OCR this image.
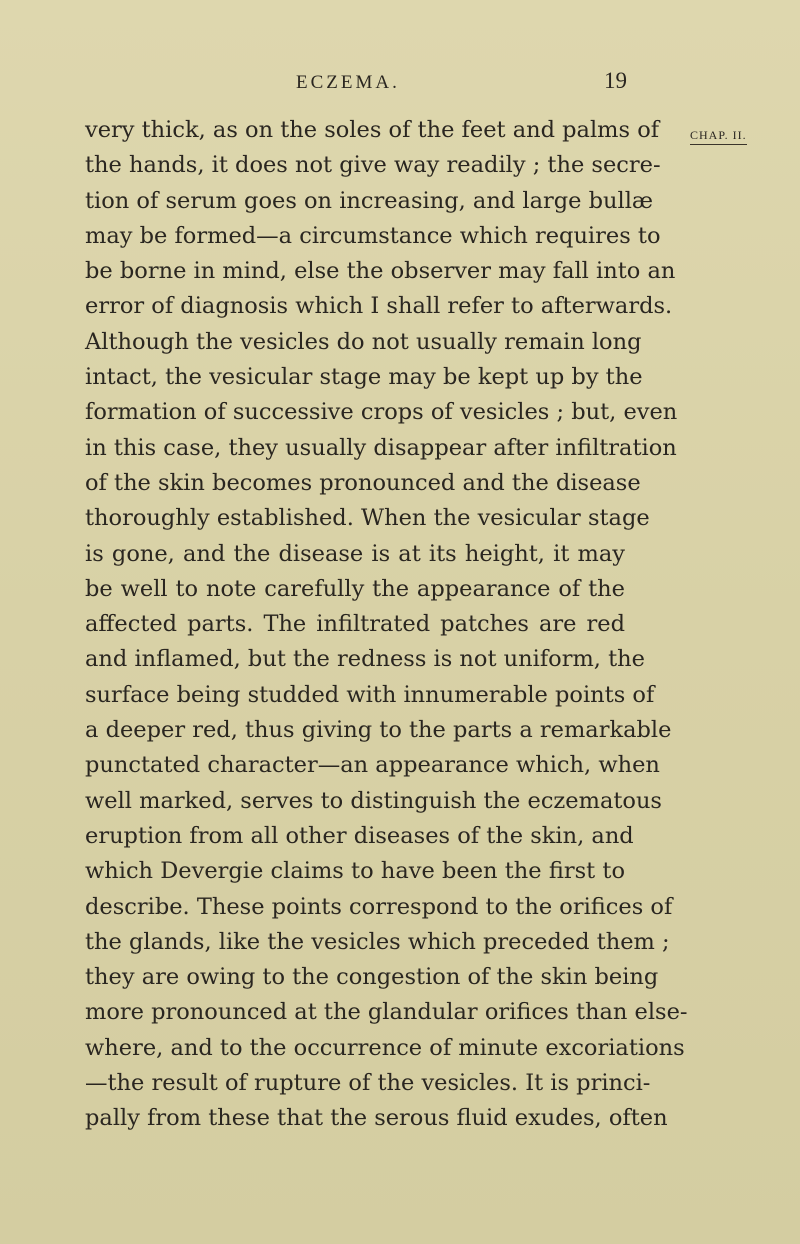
ECZEMA.	19
CHAP. II.
very thick, as on the soles of the feet and palms of
the hands, it does not give way readily ; the secre-
tion of serum goes on increasing, and large bullæ
may be formed—a circumstance which requires to
be borne in mind, else the observer may fall into an
error of diagnosis which I shall refer to afterwards.
Although the vesicles do not usually remain long
intact, the vesicular stage may be kept up by the
formation of successive crops of vesicles ; but, even
in this case, they usually disappear after infiltration
of the skin becomes pronounced and the disease
thoroughly established. When the vesicular stage
is gone, and the disease is at its height, it may
be well to note carefully the appearance of the
affected parts. The infiltrated patches are red
and inflamed, but the redness is not uniform, the
surface being studded with innumerable points of
a deeper red, thus giving to the parts a remarkable
punctated character—an appearance which, when
well marked, serves to distinguish the eczematous
eruption from all other diseases of the skin, and
which Devergie claims to have been the first to
describe. These points correspond to the orifices of
the glands, like the vesicles which preceded them ;
they are owing to the congestion of the skin being
more pronounced at the glandular orifices than else-
where, and to the occurrence of minute excoriations
—the result of rupture of the vesicles. It is princi-
pally from these that the serous fluid exudes, often
